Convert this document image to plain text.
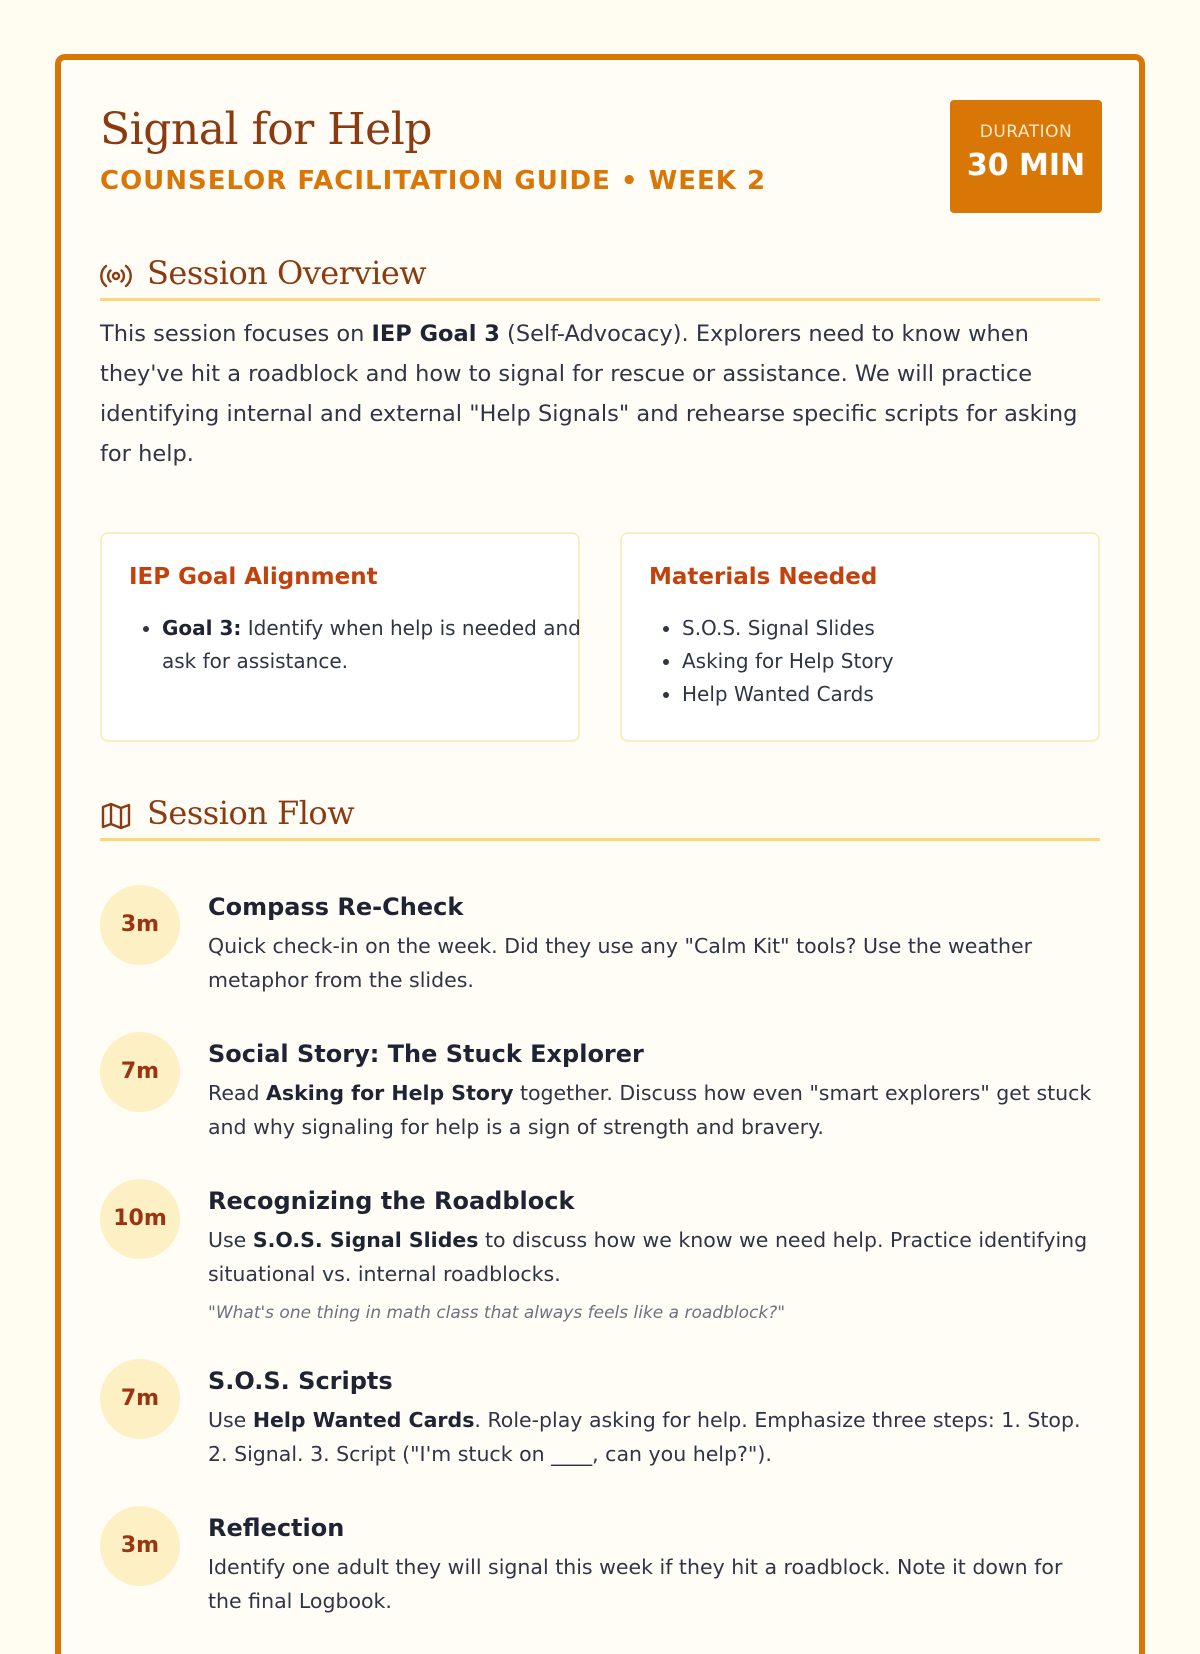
Signal for Help
COUNSELOR FACILITATION GUIDE • WEEK 2
DURATION
30 MIN
Session Overview

This session focuses on IEP Goal 3 (Self-Advocacy). Explorers need to know when they've hit a roadblock and how to signal for rescue or assistance. We will practice identifying internal and external "Help Signals" and rehearse specific scripts for asking for help.

IEP Goal Alignment
• Goal 3: Identify when help is needed and ask for assistance.
Materials Needed
• S.O.S. Signal Slides
• Asking for Help Story
• Help Wanted Cards
Session Flow
3m
Compass Re-Check

Quick check-in on the week. Did they use any "Calm Kit" tools? Use the weather metaphor from the slides.

7m
Social Story: The Stuck Explorer

Read Asking for Help Story together. Discuss how even "smart explorers" get stuck and why signaling for help is a sign of strength and bravery.

10m
Recognizing the Roadblock

Use S.O.S. Signal Slides to discuss how we know we need help. Practice identifying situational vs. internal roadblocks.

"What's one thing in math class that always feels like a roadblock?"

7m
S.O.S. Scripts

Use Help Wanted Cards. Role-play asking for help. Emphasize three steps: 1. Stop. 2. Signal. 3. Script ("I'm stuck on ____, can you help?").

3m
Reflection

Identify one adult they will signal this week if they hit a roadblock. Note it down for the final Logbook.
